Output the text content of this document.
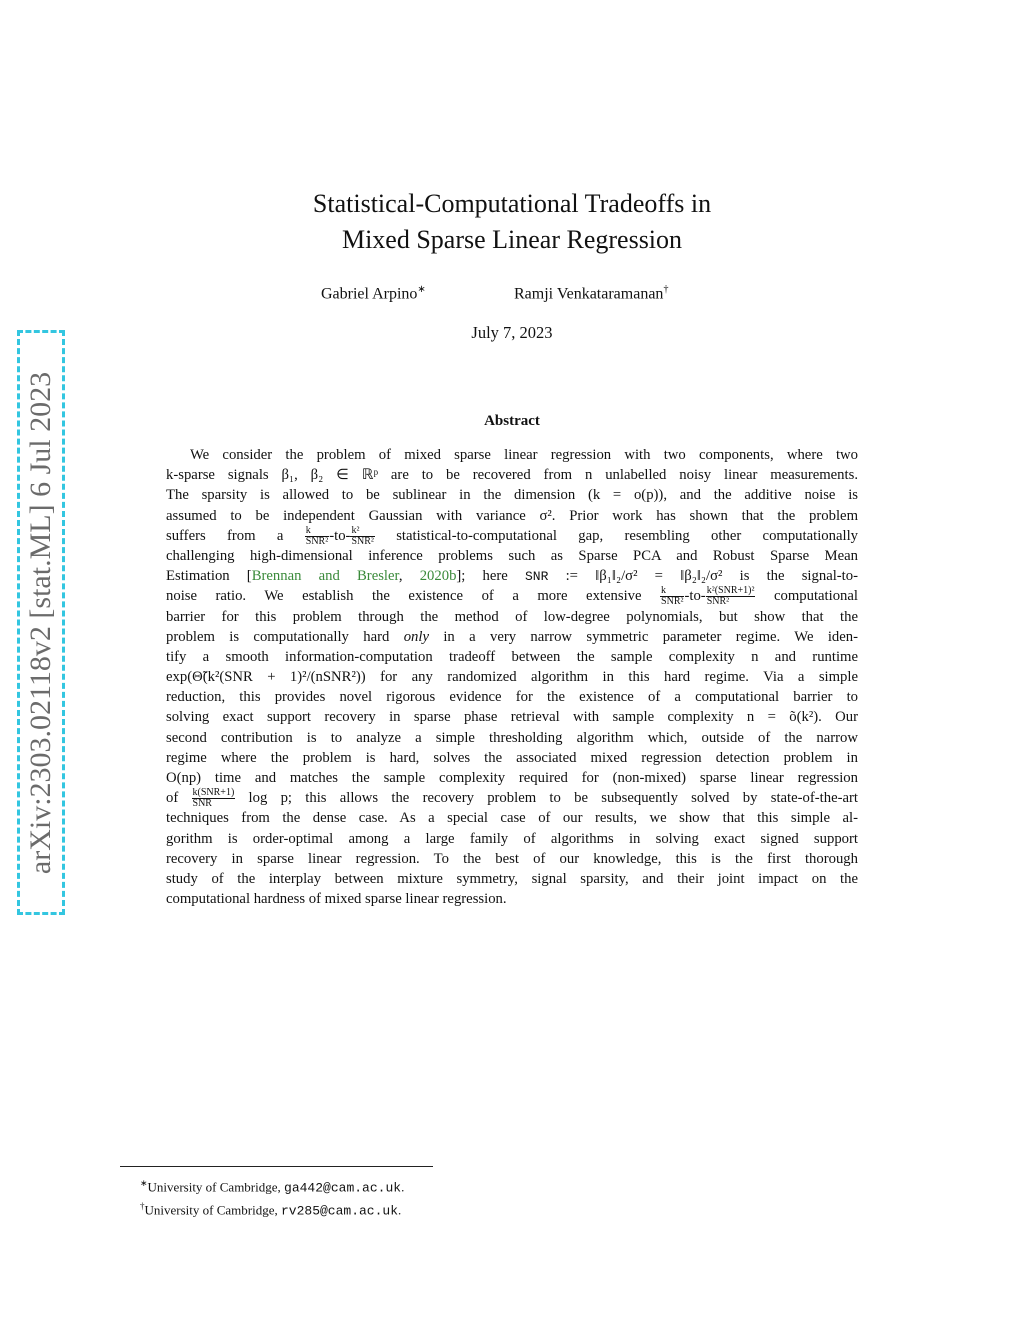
arXiv:2303.02118v2 [stat.ML] 6 Jul 2023
Statistical-Computational Tradeoffs in
Mixed Sparse Linear Regression
Gabriel Arpino∗	Ramji Venkataramanan†
July 7, 2023
Abstract
We consider the problem of mixed sparse linear regression with two components, where two
k-sparse signals β₁, β₂ ∈ ℝᵖ are to be recovered from n unlabelled noisy linear measurements.
The sparsity is allowed to be sublinear in the dimension (k = o(p)), and the additive noise is
assumed to be independent Gaussian with variance σ². Prior work has shown that the problem
suffers from a $\frac{k}{\text{SNR²}} -to- \frac{\text{k²}}{\text{SNR²}}$ statistical-to-computational gap, resembling other computationally
challenging high-dimensional inference problems such as Sparse PCA and Robust Sparse Mean
Estimation [Brennan and Bresler, 2020b]; here SNR := ‖β₁‖₂/σ² = ‖β₂‖₂/σ² is the signal-to-
noise ratio. We establish the existence of a more extensive $\frac{k}{\text{SNR²}} -to- \frac{\text{k²(SNR+1)²}}{\text{SNR²}}$ computational
barrier for this problem through the method of low-degree polynomials, but show that the
problem is computationally hard only in a very narrow symmetric parameter regime. We iden-
tify a smooth information-computation tradeoff between the sample complexity n and runtime
exp(Θ̃(k²(SNR + 1)²/(nSNR²)) for any randomized algorithm in this hard regime. Via a simple
reduction, this provides novel rigorous evidence for the existence of a computational barrier to
solving exact support recovery in sparse phase retrieval with sample complexity n = õ(k²). Our
second contribution is to analyze a simple thresholding algorithm which, outside of the narrow
regime where the problem is hard, solves the associated mixed regression detection problem in
O(np) time and matches the sample complexity required for (non-mixed) sparse linear regression
of $\frac{\text{k(SNR+1)}}{\text{SNR}}$ log p; this allows the recovery problem to be subsequently solved by state-of-the-art
techniques from the dense case. As a special case of our results, we show that this simple al-
gorithm is order-optimal among a large family of algorithms in solving exact signed support
recovery in sparse linear regression. To the best of our knowledge, this is the first thorough
study of the interplay between mixture symmetry, signal sparsity, and their joint impact on the
computational hardness of mixed sparse linear regression.
∗University of Cambridge, ga442@cam.ac.uk.
†University of Cambridge, rv285@cam.ac.uk.
